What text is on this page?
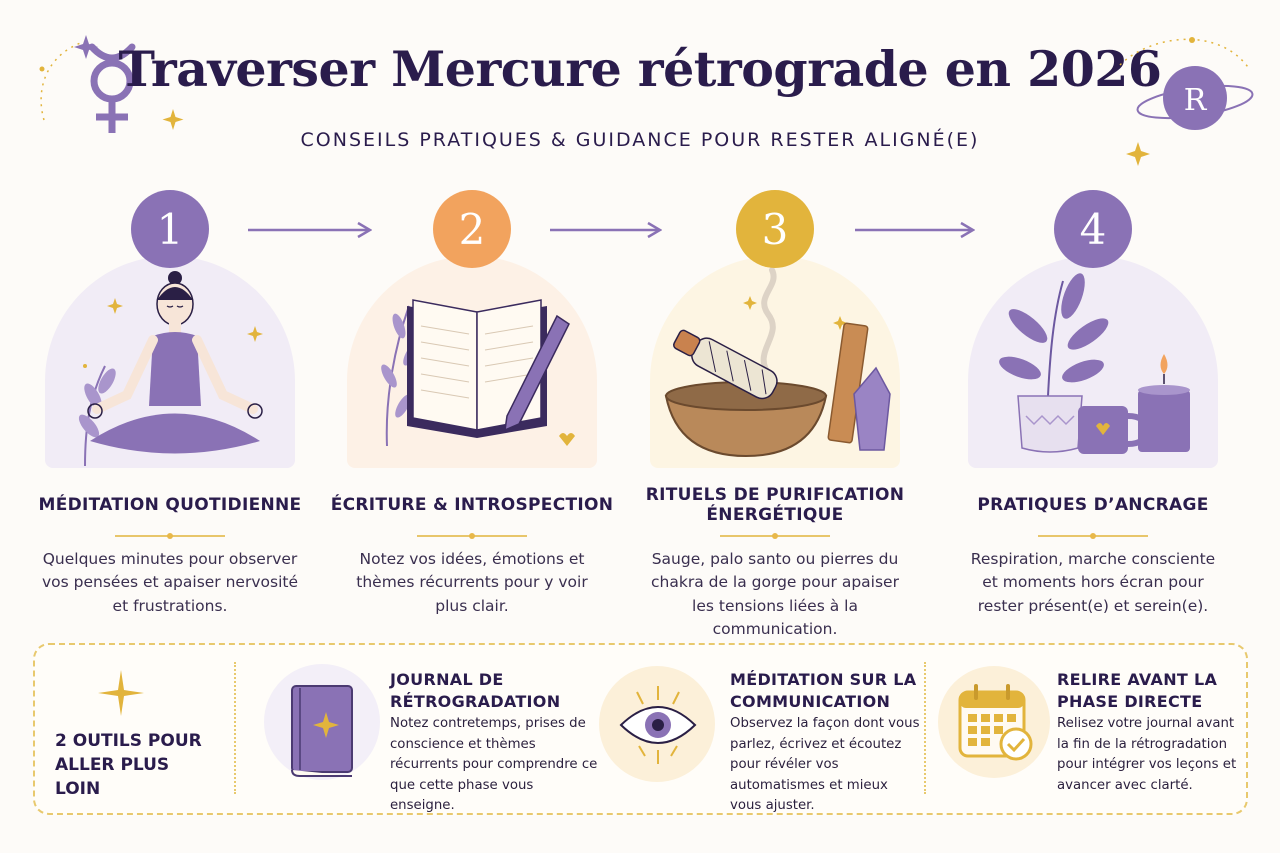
Traverser Mercure rétrograde en 2026
CONSEILS PRATIQUES & GUIDANCE POUR RESTER ALIGNÉ(E)
R
1
MÉDITATION QUOTIDIENNE
Quelques minutes pour observer vos pensées et apaiser nervosité et frustrations.
2
ÉCRITURE & INTROSPECTION
Notez vos idées, émotions et thèmes récurrents pour y voir plus clair.
3
RITUELS DE PURIFICATION ÉNERGÉTIQUE
Sauge, palo santo ou pierres du chakra de la gorge pour apaiser les tensions liées à la communication.
4
PRATIQUES D’ANCRAGE
Respiration, marche consciente et moments hors écran pour rester présent(e) et serein(e).
2 OUTILS POUR ALLER PLUS LOIN
JOURNAL DE RÉTROGRADATION
Notez contretemps, prises de conscience et thèmes récurrents pour comprendre ce que cette phase vous enseigne.
MÉDITATION SUR LA COMMUNICATION
Observez la façon dont vous parlez, écrivez et écoutez pour révéler vos automatismes et mieux vous ajuster.
RELIRE AVANT LA PHASE DIRECTE
Relisez votre journal avant la fin de la rétrogradation pour intégrer vos leçons et avancer avec clarté.
